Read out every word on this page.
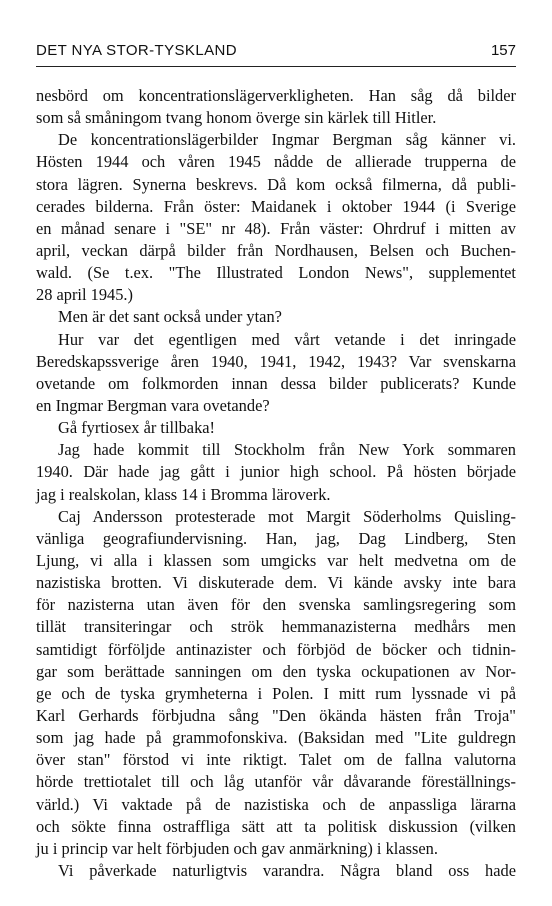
DET NYA STOR-TYSKLAND	157
nesbörd om koncentrationslägerverkligheten. Han såg då bilder
som så småningom tvang honom överge sin kärlek till Hitler.
De koncentrationslägerbilder Ingmar Bergman såg känner vi.
Hösten 1944 och våren 1945 nådde de allierade trupperna de
stora lägren. Synerna beskrevs. Då kom också filmerna, då publi-
cerades bilderna. Från öster: Maidanek i oktober 1944 (i Sverige
en månad senare i "SE" nr 48). Från väster: Ohrdruf i mitten av
april, veckan därpå bilder från Nordhausen, Belsen och Buchen-
wald. (Se t.ex. "The Illustrated London News", supplementet
28 april 1945.)
Men är det sant också under ytan?
Hur var det egentligen med vårt vetande i det inringade
Beredskapssverige åren 1940, 1941, 1942, 1943? Var svenskarna
ovetande om folkmorden innan dessa bilder publicerats? Kunde
en Ingmar Bergman vara ovetande?
Gå fyrtiosex år tillbaka!
Jag hade kommit till Stockholm från New York sommaren
1940. Där hade jag gått i junior high school. På hösten började
jag i realskolan, klass 14 i Bromma läroverk.
Caj Andersson protesterade mot Margit Söderholms Quisling-
vänliga geografiundervisning. Han, jag, Dag Lindberg, Sten
Ljung, vi alla i klassen som umgicks var helt medvetna om de
nazistiska brotten. Vi diskuterade dem. Vi kände avsky inte bara
för nazisterna utan även för den svenska samlingsregering som
tillät transiteringar och strök hemmanazisterna medhårs men
samtidigt förföljde antinazister och förbjöd de böcker och tidnin-
gar som berättade sanningen om den tyska ockupationen av Nor-
ge och de tyska grymheterna i Polen. I mitt rum lyssnade vi på
Karl Gerhards förbjudna sång "Den ökända hästen från Troja"
som jag hade på grammofonskiva. (Baksidan med "Lite guldregn
över stan" förstod vi inte riktigt. Talet om de fallna valutorna
hörde trettiotalet till och låg utanför vår dåvarande föreställnings-
värld.) Vi vaktade på de nazistiska och de anpassliga lärarna
och sökte finna ostraffliga sätt att ta politisk diskussion (vilken
ju i princip var helt förbjuden och gav anmärkning) i klassen.
Vi påverkade naturligtvis varandra. Några bland oss hade
